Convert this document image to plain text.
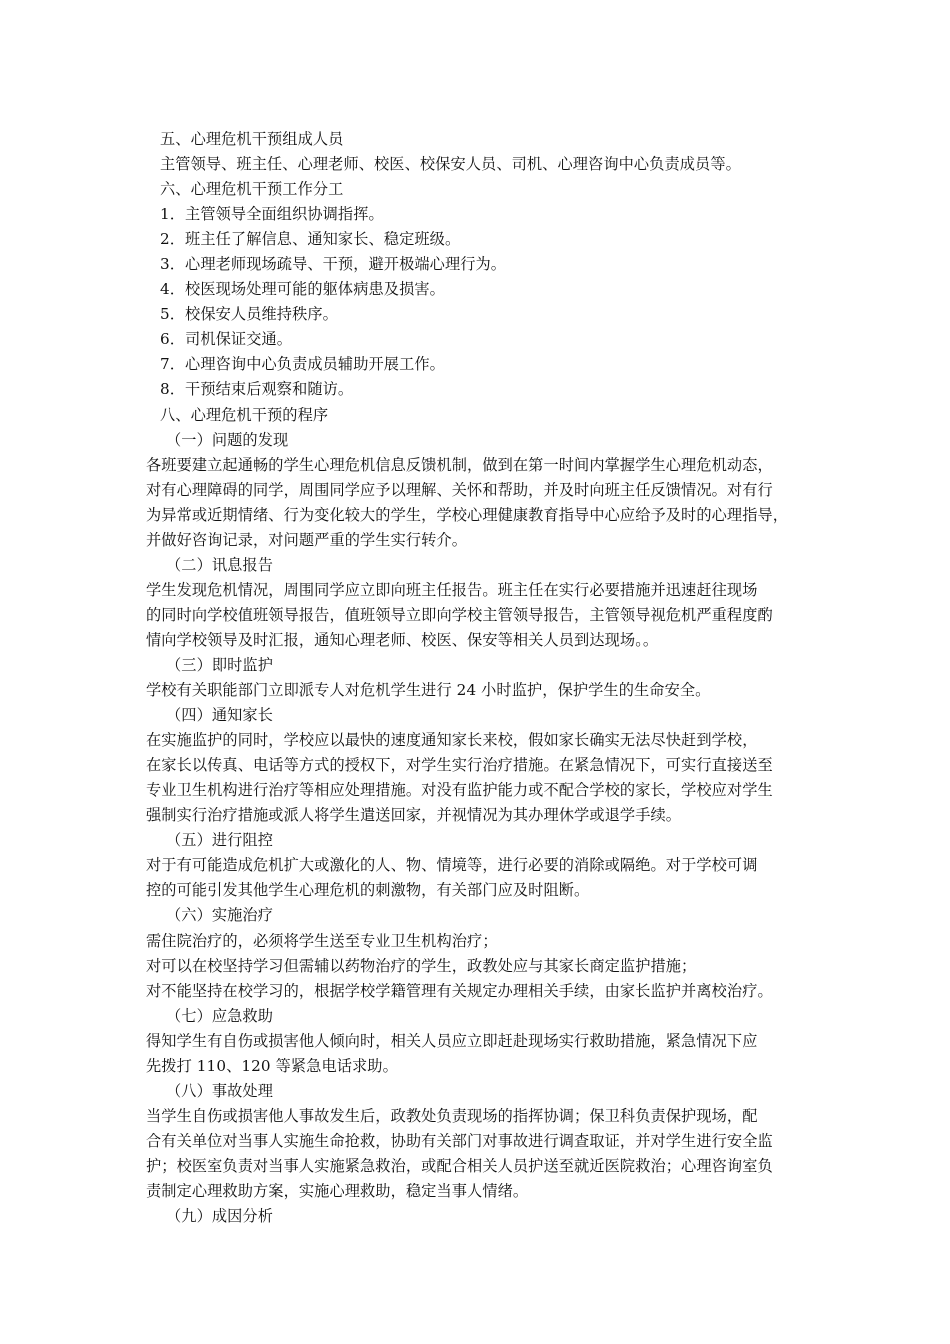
五、心理危机干预组成人员
主管领导、班主任、心理老师、校医、校保安人员、司机、心理咨询中心负责成员等。
六、心理危机干预工作分工
1．主管领导全面组织协调指挥。
2．班主任了解信息、通知家长、稳定班级。
3．心理老师现场疏导、干预，避开极端心理行为。
4．校医现场处理可能的躯体病患及损害。
5．校保安人员维持秩序。
6．司机保证交通。
7．心理咨询中心负责成员辅助开展工作。
8．干预结束后观察和随访。
八、心理危机干预的程序
（一）问题的发现
各班要建立起通畅的学生心理危机信息反馈机制，做到在第一时间内掌握学生心理危机动态，
对有心理障碍的同学，周围同学应予以理解、关怀和帮助，并及时向班主任反馈情况。对有行
为异常或近期情绪、行为变化较大的学生，学校心理健康教育指导中心应给予及时的心理指导，
并做好咨询记录，对问题严重的学生实行转介。
（二）讯息报告
学生发现危机情况，周围同学应立即向班主任报告。班主任在实行必要措施并迅速赶往现场
的同时向学校值班领导报告，值班领导立即向学校主管领导报告，主管领导视危机严重程度酌
情向学校领导及时汇报，通知心理老师、校医、保安等相关人员到达现场。。
（三）即时监护
学校有关职能部门立即派专人对危机学生进行 24 小时监护，保护学生的生命安全。
（四）通知家长
在实施监护的同时，学校应以最快的速度通知家长来校，假如家长确实无法尽快赶到学校，
在家长以传真、电话等方式的授权下，对学生实行治疗措施。在紧急情况下，可实行直接送至
专业卫生机构进行治疗等相应处理措施。对没有监护能力或不配合学校的家长，学校应对学生
强制实行治疗措施或派人将学生遣送回家，并视情况为其办理休学或退学手续。
（五）进行阻控
对于有可能造成危机扩大或激化的人、物、情境等，进行必要的消除或隔绝。对于学校可调
控的可能引发其他学生心理危机的刺激物，有关部门应及时阻断。
（六）实施治疗
需住院治疗的，必须将学生送至专业卫生机构治疗；
对可以在校坚持学习但需辅以药物治疗的学生，政教处应与其家长商定监护措施；
对不能坚持在校学习的，根据学校学籍管理有关规定办理相关手续，由家长监护并离校治疗。
（七）应急救助
得知学生有自伤或损害他人倾向时，相关人员应立即赶赴现场实行救助措施，紧急情况下应
先拨打 110、120 等紧急电话求助。
（八）事故处理
当学生自伤或损害他人事故发生后，政教处负责现场的指挥协调；保卫科负责保护现场，配
合有关单位对当事人实施生命抢救，协助有关部门对事故进行调查取证，并对学生进行安全监
护；校医室负责对当事人实施紧急救治，或配合相关人员护送至就近医院救治；心理咨询室负
责制定心理救助方案，实施心理救助，稳定当事人情绪。
（九）成因分析
